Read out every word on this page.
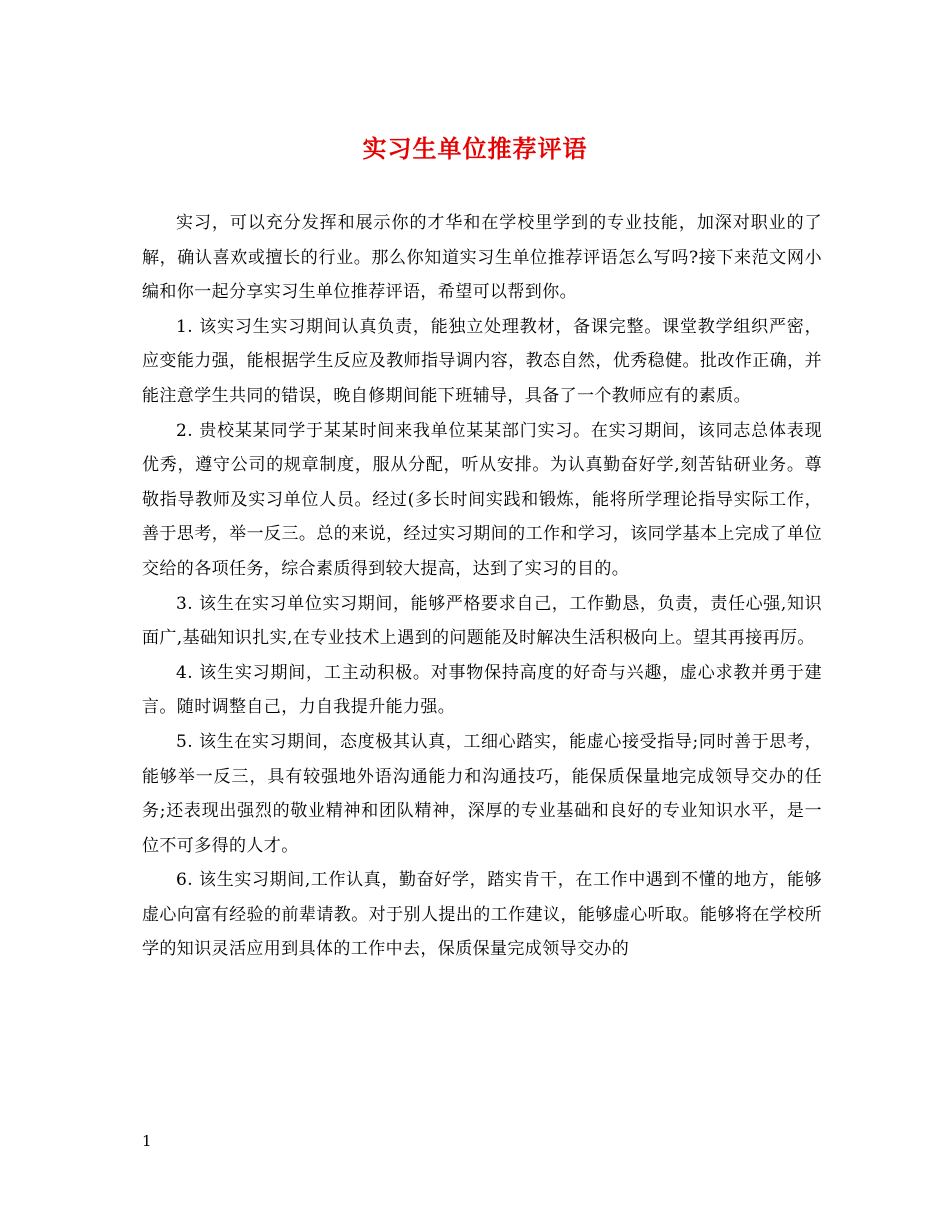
实习生单位推荐评语

实习，可以充分发挥和展示你的才华和在学校里学到的专业技能，加深对职业的了解，确认喜欢或擅长的行业。那么你知道实习生单位推荐评语怎么写吗?接下来范文网小编和你一起分享实习生单位推荐评语，希望可以帮到你。

1. 该实习生实习期间认真负责，能独立处理教材，备课完整。课堂教学组织严密，应变能力强，能根据学生反应及教师指导调内容，教态自然，优秀稳健。批改作正确，并能注意学生共同的错误，晚自修期间能下班辅导，具备了一个教师应有的素质。

2. 贵校某某同学于某某时间来我单位某某部门实习。在实习期间，该同志总体表现优秀，遵守公司的规章制度，服从分配，听从安排。为认真勤奋好学,刻苦钻研业务。尊敬指导教师及实习单位人员。经过(多长时间实践和锻炼，能将所学理论指导实际工作，善于思考，举一反三。总的来说，经过实习期间的工作和学习，该同学基本上完成了单位交给的各项任务，综合素质得到较大提高，达到了实习的目的。

3. 该生在实习单位实习期间，能够严格要求自己，工作勤恳，负责，责任心强,知识面广,基础知识扎实,在专业技术上遇到的问题能及时解决生活积极向上。望其再接再厉。

4. 该生实习期间，工主动积极。对事物保持高度的好奇与兴趣，虚心求教并勇于建言。随时调整自己，力自我提升能力强。

5. 该生在实习期间，态度极其认真，工细心踏实，能虚心接受指导;同时善于思考，能够举一反三，具有较强地外语沟通能力和沟通技巧，能保质保量地完成领导交办的任务;还表现出强烈的敬业精神和团队精神，深厚的专业基础和良好的专业知识水平，是一位不可多得的人才。

6. 该生实习期间,工作认真，勤奋好学，踏实肯干，在工作中遇到不懂的地方，能够虚心向富有经验的前辈请教。对于别人提出的工作建议，能够虚心听取。能够将在学校所学的知识灵活应用到具体的工作中去，保质保量完成领导交办的

1
